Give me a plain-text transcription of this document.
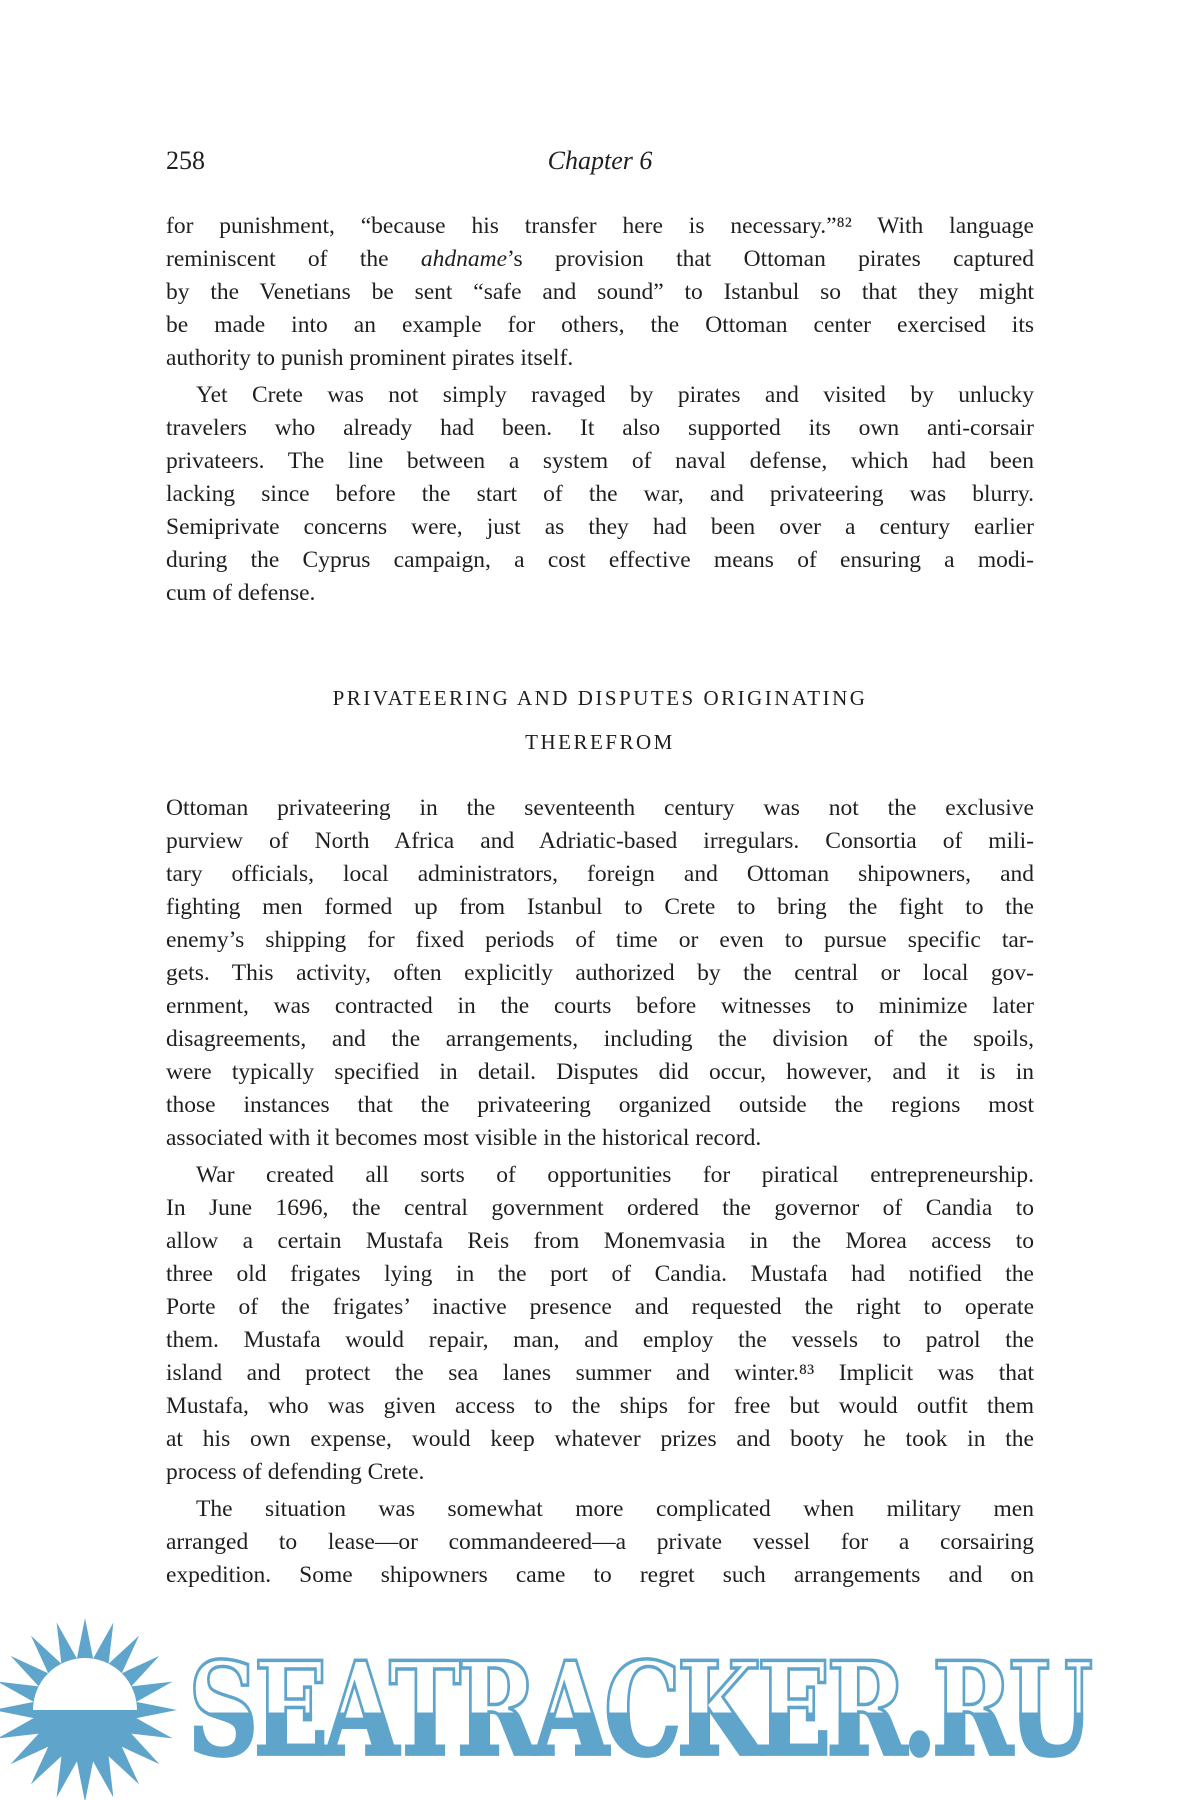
258	Chapter 6
for punishment, “because his transfer here is necessary.”⁸² With language
reminiscent of the ahdname’s provision that Ottoman pirates captured
by the Venetians be sent “safe and sound” to Istanbul so that they might
be made into an example for others, the Ottoman center exercised its
authority to punish prominent pirates itself.
Yet Crete was not simply ravaged by pirates and visited by unlucky
travelers who already had been. It also supported its own anti-corsair
privateers. The line between a system of naval defense, which had been
lacking since before the start of the war, and privateering was blurry.
Semiprivate concerns were, just as they had been over a century earlier
during the Cyprus campaign, a cost effective means of ensuring a modi-
cum of defense.
PRIVATEERING AND DISPUTES ORIGINATING
THEREFROM
Ottoman privateering in the seventeenth century was not the exclusive
purview of North Africa and Adriatic-based irregulars. Consortia of mili-
tary officials, local administrators, foreign and Ottoman shipowners, and
fighting men formed up from Istanbul to Crete to bring the fight to the
enemy’s shipping for fixed periods of time or even to pursue specific tar-
gets. This activity, often explicitly authorized by the central or local gov-
ernment, was contracted in the courts before witnesses to minimize later
disagreements, and the arrangements, including the division of the spoils,
were typically specified in detail. Disputes did occur, however, and it is in
those instances that the privateering organized outside the regions most
associated with it becomes most visible in the historical record.
War created all sorts of opportunities for piratical entrepreneurship.
In June 1696, the central government ordered the governor of Candia to
allow a certain Mustafa Reis from Monemvasia in the Morea access to
three old frigates lying in the port of Candia. Mustafa had notified the
Porte of the frigates’ inactive presence and requested the right to operate
them. Mustafa would repair, man, and employ the vessels to patrol the
island and protect the sea lanes summer and winter.⁸³ Implicit was that
Mustafa, who was given access to the ships for free but would outfit them
at his own expense, would keep whatever prizes and booty he took in the
process of defending Crete.
The situation was somewhat more complicated when military men
arranged to lease—or commandeered—a private vessel for a corsairing
expedition. Some shipowners came to regret such arrangements and on
SEATRACKER.RU
